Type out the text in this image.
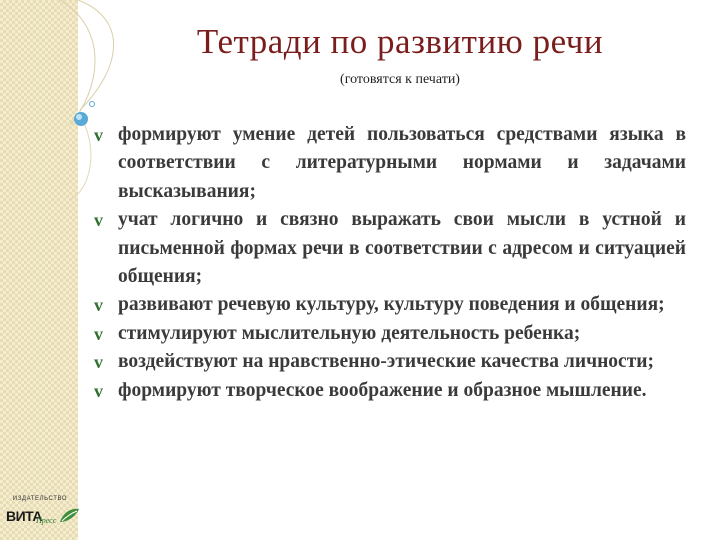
Тетради по развитию речи
(готовятся к печати)
v формируют умение детей пользоваться средствами языка в соответствии с литературными нормами и задачами высказывания;
v учат логично и связно выражать свои мысли в устной и письменной формах речи в соответствии с адресом и ситуацией общения;
v развивают речевую культуру, культуру поведения и общения;
v стимулируют мыслительную деятельность ребенка;
v воздействуют на нравственно-этические качества личности;
v формируют творческое воображение и образное мышление.
ИЗДАТЕЛЬСТВО
ВИТА
Пресс
